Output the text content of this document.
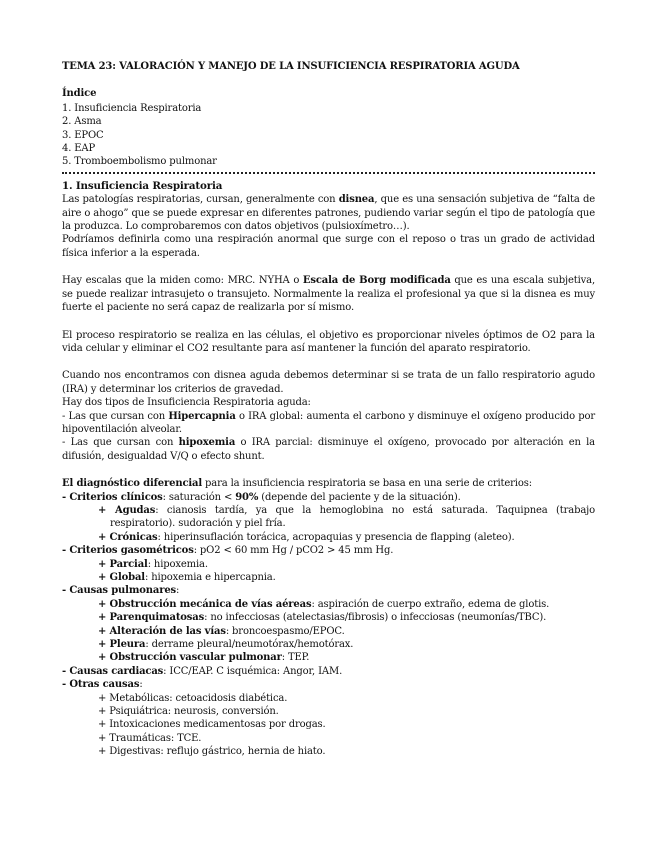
TEMA 23: VALORACIÓN Y MANEJO DE LA INSUFICIENCIA RESPIRATORIA AGUDA
Índice
1. Insuficiencia Respiratoria
2. Asma
3. EPOC
4. EAP
5. Tromboembolismo pulmonar
1. Insuficiencia Respiratoria

Las patologías respiratorias, cursan, generalmente con disnea, que es una sensación subjetiva de “falta de aire o ahogo” que se puede expresar en diferentes patrones, pudiendo variar según el tipo de patología que la produzca. Lo comprobaremos con datos objetivos (pulsioxímetro…).

Podríamos definirla como una respiración anormal que surge con el reposo o tras un grado de actividad física inferior a la esperada.

Hay escalas que la miden como: MRC. NYHA o Escala de Borg modificada que es una escala subjetiva, se puede realizar intrasujeto o transujeto. Normalmente la realiza el profesional ya que si la disnea es muy fuerte el paciente no será capaz de realizarla por sí mismo.

El proceso respiratorio se realiza en las células, el objetivo es proporcionar niveles óptimos de O2 para la vida celular y eliminar el CO2 resultante para así mantener la función del aparato respiratorio.

Cuando nos encontramos con disnea aguda debemos determinar si se trata de un fallo respiratorio agudo (IRA) y determinar los criterios de gravedad.

Hay dos tipos de Insuficiencia Respiratoria aguda:

- Las que cursan con Hipercapnia o IRA global: aumenta el carbono y disminuye el oxígeno producido por hipoventilación alveolar.

- Las que cursan con hipoxemia o IRA parcial: disminuye el oxígeno, provocado por alteración en la difusión, desigualdad V/Q o efecto shunt.

El diagnóstico diferencial para la insuficiencia respiratoria se basa en una serie de criterios:

- Criterios clínicos: saturación < 90% (depende del paciente y de la situación).

+ Agudas: cianosis tardía, ya que la hemoglobina no está saturada. Taquipnea (trabajo respiratorio). sudoración y piel fría.

+ Crónicas: hiperinsuflación torácica, acropaquias y presencia de flapping (aleteo).

- Criterios gasométricos: pO2 < 60 mm Hg / pCO2 > 45 mm Hg.

+ Parcial: hipoxemia.

+ Global: hipoxemia e hipercapnia.

- Causas pulmonares:

+ Obstrucción mecánica de vías aéreas: aspiración de cuerpo extraño, edema de glotis.

+ Parenquimatosas: no infecciosas (atelectasias/fibrosis) o infecciosas (neumonías/TBC).

+ Alteración de las vías: broncoespasmo/EPOC.

+ Pleura: derrame pleural/neumotórax/hemotórax.

+ Obstrucción vascular pulmonar: TEP.

- Causas cardiacas: ICC/EAP. C isquémica: Angor, IAM.

- Otras causas:

+ Metabólicas: cetoacidosis diabética.

+ Psiquiátrica: neurosis, conversión.

+ Intoxicaciones medicamentosas por drogas.

+ Traumáticas: TCE.

+ Digestivas: reflujo gástrico, hernia de hiato.
